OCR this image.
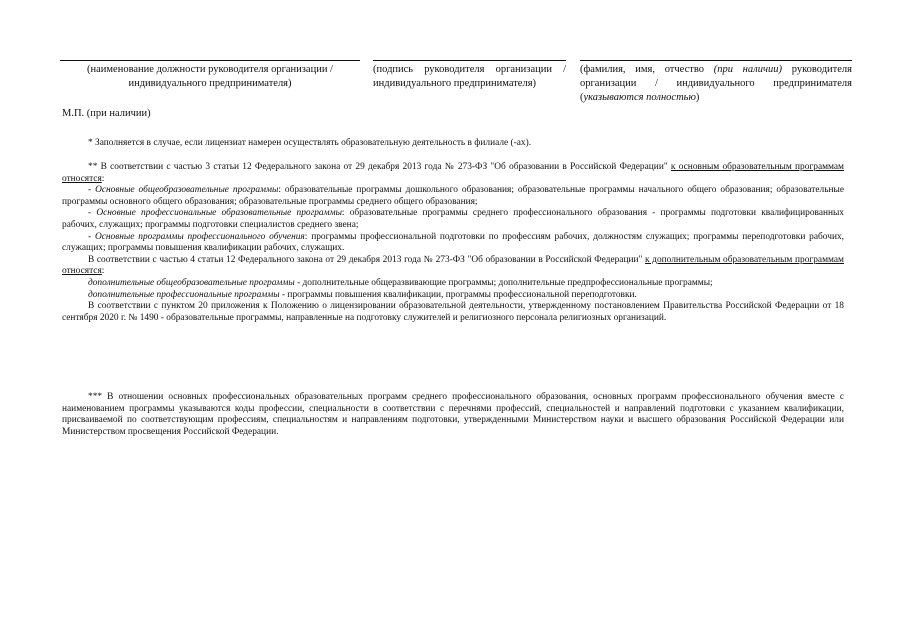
(наименование должности руководителя организации / индивидуального предпринимателя)
(подпись руководителя организации / индивидуального предпринимателя)
(фамилия, имя, отчество (при наличии) руководителя организации / индивидуального предпринимателя (указываются полностью)
М.П. (при наличии)

* Заполняется в случае, если лицензиат намерен осуществлять образовательную деятельность в филиале (-ах).

** В соответствии с частью 3 статьи 12 Федерального закона от 29 декабря 2013 года № 273-ФЗ "Об образовании в Российской Федерации" к основным образовательным программам относятся:

- Основные общеобразовательные программы: образовательные программы дошкольного образования; образовательные программы начального общего образования; образовательные программы основного общего образования; образовательные программы среднего общего образования;

- Основные профессиональные образовательные программы: образовательные программы среднего профессионального образования - программы подготовки квалифицированных рабочих, служащих; программы подготовки специалистов среднего звена;

- Основные программы профессионального обучения: программы профессиональной подготовки по профессиям рабочих, должностям служащих; программы переподготовки рабочих, служащих; программы повышения квалификации рабочих, служащих.

В соответствии с частью 4 статьи 12 Федерального закона от 29 декабря 2013 года № 273-ФЗ "Об образовании в Российской Федерации" к дополнительным образовательным программам относятся:

дополнительные общеобразовательные программы - дополнительные общеразвивающие программы; дополнительные предпрофессиональные программы;

дополнительные профессиональные программы - программы повышения квалификации, программы профессиональной переподготовки.

В соответствии с пунктом 20 приложения к Положению о лицензировании образовательной деятельности, утвержденному постановлением Правительства Российской Федерации от 18 сентября 2020 г. № 1490 - образовательные программы, направленные на подготовку служителей и религиозного персонала религиозных организаций.

*** В отношении основных профессиональных образовательных программ среднего профессионального образования, основных программ профессионального обучения вместе с наименованием программы указываются коды профессии, специальности в соответствии с перечнями профессий, специальностей и направлений подготовки с указанием квалификации, присваиваемой по соответствующим профессиям, специальностям и направлениям подготовки, утвержденными Министерством науки и высшего образования Российской Федерации или Министерством просвещения Российской Федерации.
